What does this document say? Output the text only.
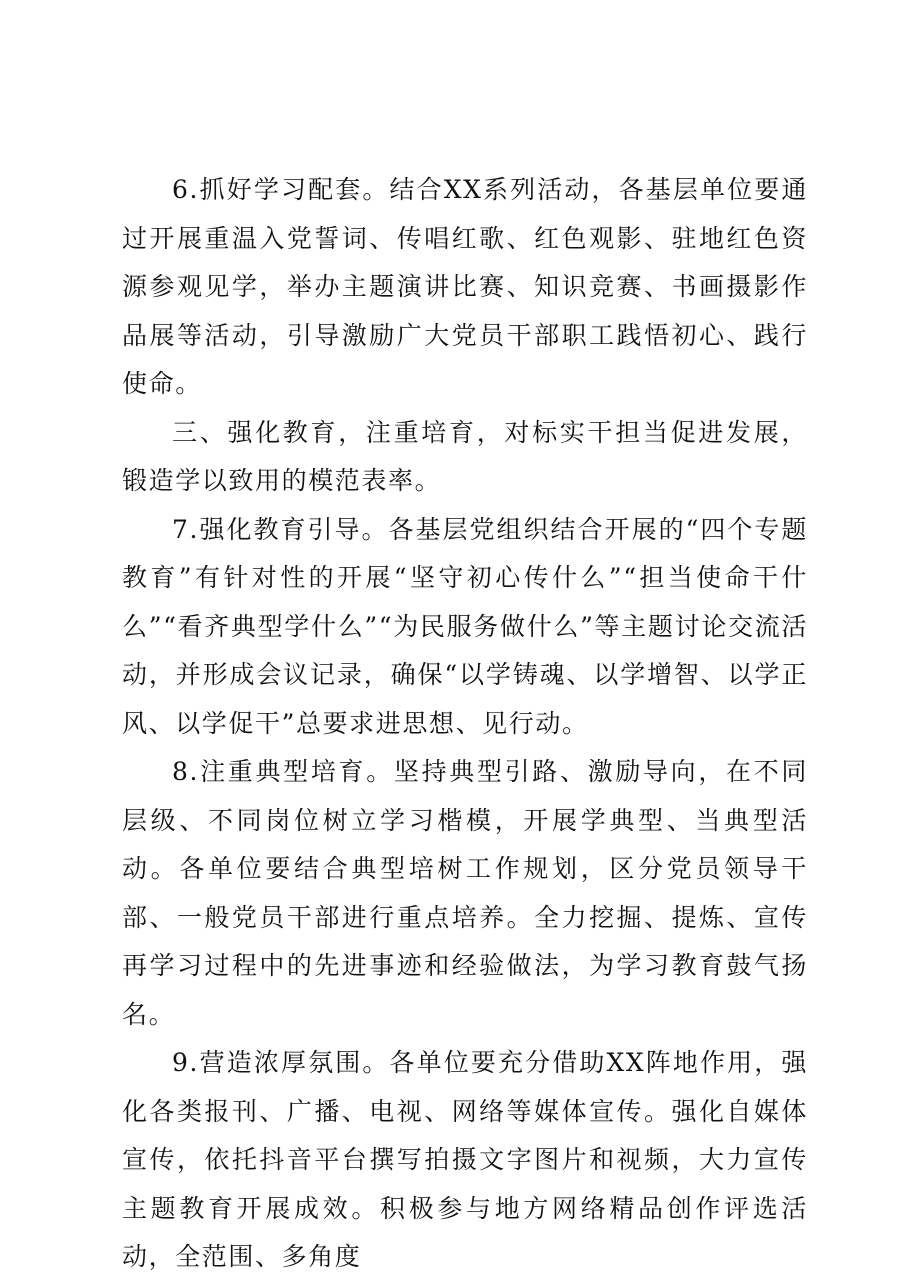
6.抓好学习配套。结合XX系列活动，各基层单位要通过开展重温入党誓词、传唱红歌、红色观影、驻地红色资源参观见学，举办主题演讲比赛、知识竞赛、书画摄影作品展等活动，引导激励广大党员干部职工践悟初心、践行使命。

三、强化教育，注重培育，对标实干担当促进发展，锻造学以致用的模范表率。

7.强化教育引导。各基层党组织结合开展的“四个专题教育”有针对性的开展“坚守初心传什么”“担当使命干什么”“看齐典型学什么”“为民服务做什么”等主题讨论交流活动，并形成会议记录，确保“以学铸魂、以学增智、以学正风、以学促干”总要求进思想、见行动。

8.注重典型培育。坚持典型引路、激励导向，在不同层级、不同岗位树立学习楷模，开展学典型、当典型活动。各单位要结合典型培树工作规划，区分党员领导干部、一般党员干部进行重点培养。全力挖掘、提炼、宣传再学习过程中的先进事迹和经验做法，为学习教育鼓气扬名。

9.营造浓厚氛围。各单位要充分借助XX阵地作用，强化各类报刊、广播、电视、网络等媒体宣传。强化自媒体宣传，依托抖音平台撰写拍摄文字图片和视频，大力宣传主题教育开展成效。积极参与地方网络精品创作评选活动，全范围、多角度
